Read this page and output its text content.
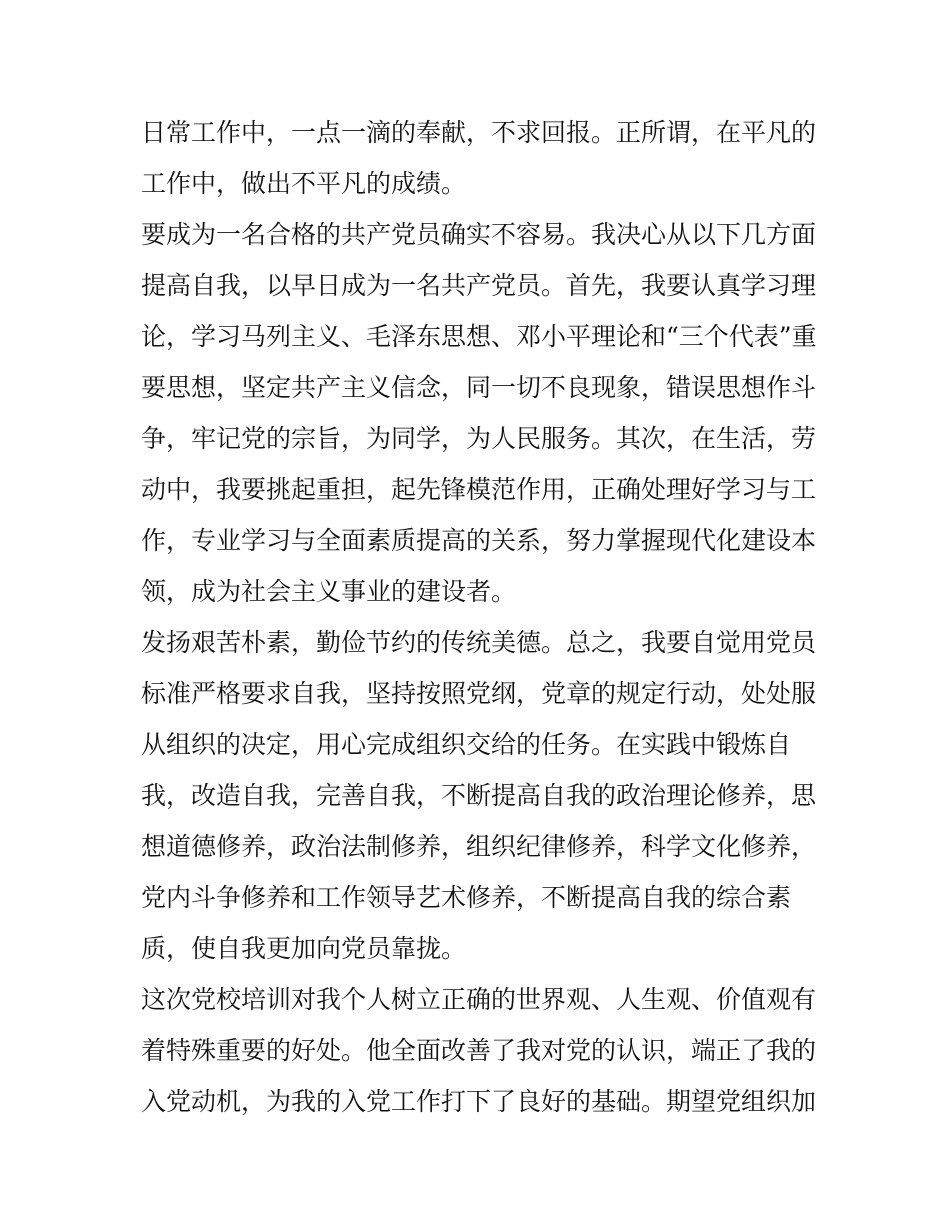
日常工作中，一点一滴的奉献，不求回报。正所谓，在平凡的
工作中，做出不平凡的成绩。
要成为一名合格的共产党员确实不容易。我决心从以下几方面
提高自我，以早日成为一名共产党员。首先，我要认真学习理
论，学习马列主义、毛泽东思想、邓小平理论和“三个代表”重
要思想，坚定共产主义信念，同一切不良现象，错误思想作斗
争，牢记党的宗旨，为同学，为人民服务。其次，在生活，劳
动中，我要挑起重担，起先锋模范作用，正确处理好学习与工
作，专业学习与全面素质提高的关系，努力掌握现代化建设本
领，成为社会主义事业的建设者。
发扬艰苦朴素，勤俭节约的传统美德。总之，我要自觉用党员
标准严格要求自我，坚持按照党纲，党章的规定行动，处处服
从组织的决定，用心完成组织交给的任务。在实践中锻炼自
我，改造自我，完善自我，不断提高自我的政治理论修养，思
想道德修养，政治法制修养，组织纪律修养，科学文化修养，
党内斗争修养和工作领导艺术修养，不断提高自我的综合素
质，使自我更加向党员靠拢。
这次党校培训对我个人树立正确的世界观、人生观、价值观有
着特殊重要的好处。他全面改善了我对党的认识，端正了我的
入党动机，为我的入党工作打下了良好的基础。期望党组织加
